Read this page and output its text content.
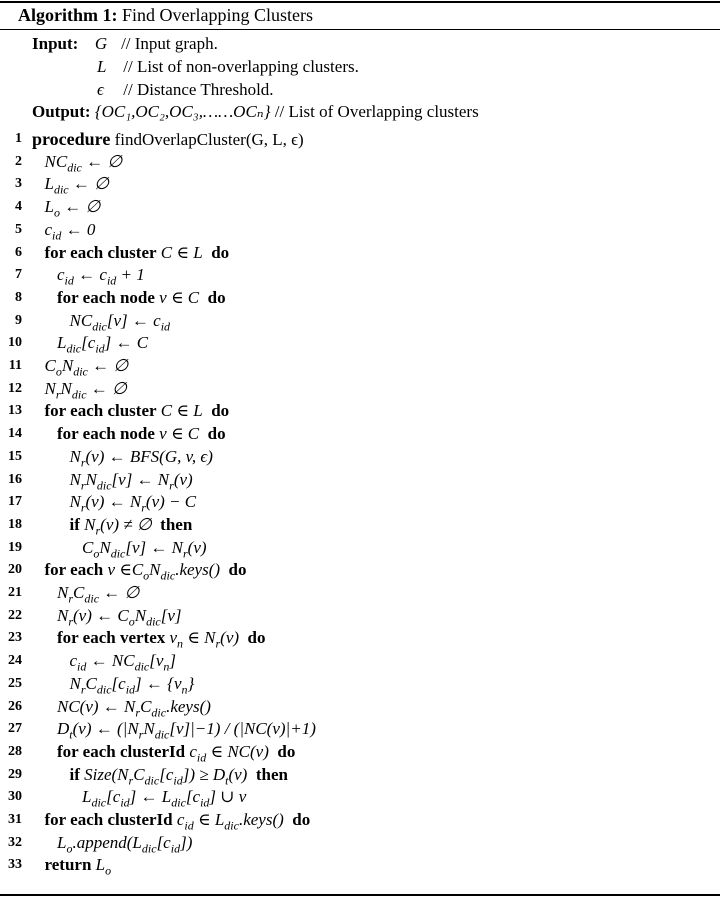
Algorithm 1: Find Overlapping Clusters
Input: G // Input graph.
L // List of non-overlapping clusters.
ϵ // Distance Threshold.
Output: {OC₁,OC₂,OC₃,……OCₙ} // List of Overlapping clusters
1 procedure findOverlapCluster(G, L, ϵ)
2 $NC_{dic}$ ← ∅
3 $L_{dic}$ ← ∅
4 $L_o$ ← ∅
5 $c_{id}$ ← 0
6 for each cluster C ∈ L do
7 $c_{id}$ ← $c_{id} + 1$
8 for each node v ∈ C do
9	$NC_{dic}[v]$ ← $c_{id}$
10 $L_{dic}[c_{id}]$ ← C
11 $C_oN_{dic}$ ← ∅
12 $N_rN_{dic}$ ← ∅
13 for each cluster C ∈ L do
14 for each node v ∈ C do
15	$N_r(v)$ ← BFS(G, v, ϵ)
16	$N_rN_{dic}[v]$ ← $N_r(v)$
17	$N_r(v)$ ← $N_r(v) - C$
18	if $N_r(v)$ ≠ ∅ then
19	$C_oN_{dic}[v]$ ← $N_r(v)$
20 for each v $\in C_oN_{dic}.keys()$ do
21 $N_rC_{dic}$ ← ∅
22 $N_r(v)$ ← $C_oN_{dic}[v]$
23 for each vertex $v_n$ ∈ $N_r(v)$ do
24	$c_{id}$ ← $NC_{dic}[v_n]$
25	$N_rC_{dic}[c_{id}]$ ← $\{v_n\}$
26 NC(v) ← $N_rC_{dic}.keys()$
27 $D_t(v)$ ← $(|N_rN_{dic}[v]|-1) / (|NC(v)|+1)$
28 for each clusterId $c_{id}$ ∈ NC(v) do
29	if $Size(N_rC_{dic}[c_{id}]) \ge D_t(v)$ then
30	$L_{dic}[c_{id}]$ ← $L_{dic}[c_{id}]$ ∪ v
31 for each clusterId $c_{id}$ ∈ $L_{dic}.keys()$ do
32 $L_o.append(L_{dic}[c_{id}])$
33 return $L_o$
